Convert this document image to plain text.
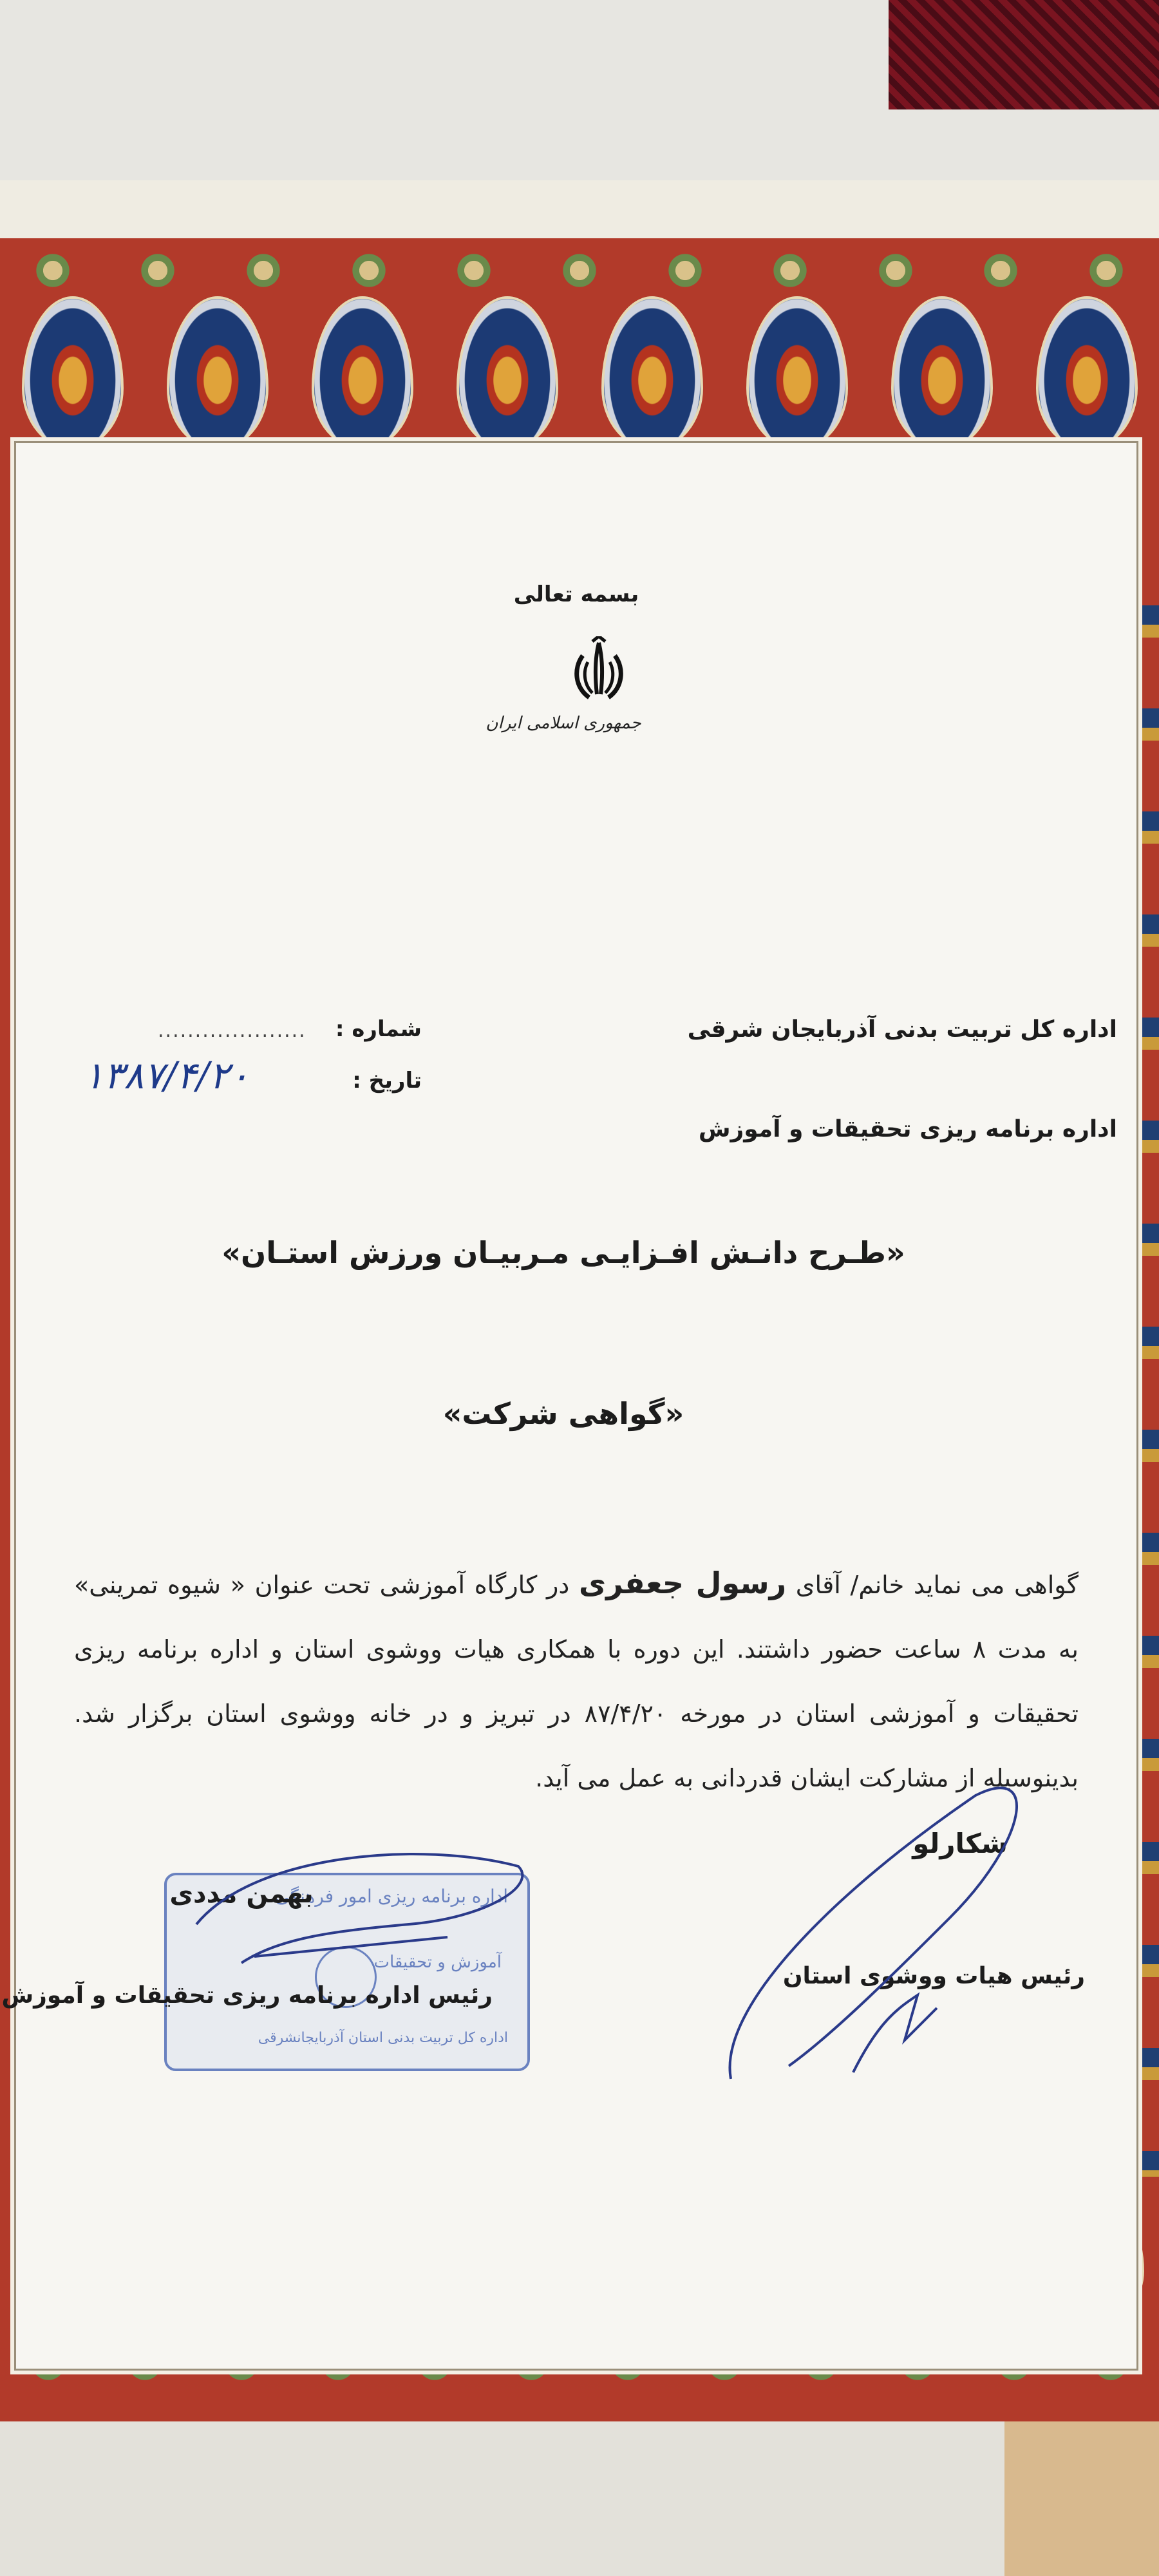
بسمه تعالی
جمهوری اسلامی ایران
اداره کل تربیت بدنی آذربایجان شرقی
اداره برنامه ریزی تحقیقات و آموزش
شماره :
....................
تاریخ :
۱۳۸۷/۴/۲۰
«طـرح دانـش افـزایـی مـربیـان ورزش استـان»
«گواهی شرکت»
گواهی می نماید خانم/ آقای رسول جعفری در کارگاه آموزشی تحت عنوان « شیوه تمرینی» به مدت ۸ ساعت حضور داشتند. این دوره با همکاری هیات ووشوی استان و اداره برنامه ریزی تحقیقات و آموزشی استان در مورخه ۸۷/۴/۲۰ در تبریز و در خانه ووشوی استان برگزار شد. بدینوسیله از مشارکت ایشان قدردانی به عمل می آید.
اداره برنامه ریزی امور فرهنگی
آموزش و تحقیقات
اداره کل تربیت بدنی استان آذربایجانشرقی
بهمن مددی
رئیس اداره برنامه ریزی تحقیقات و آموزش
شکارلو
رئیس هیات ووشوی استان
